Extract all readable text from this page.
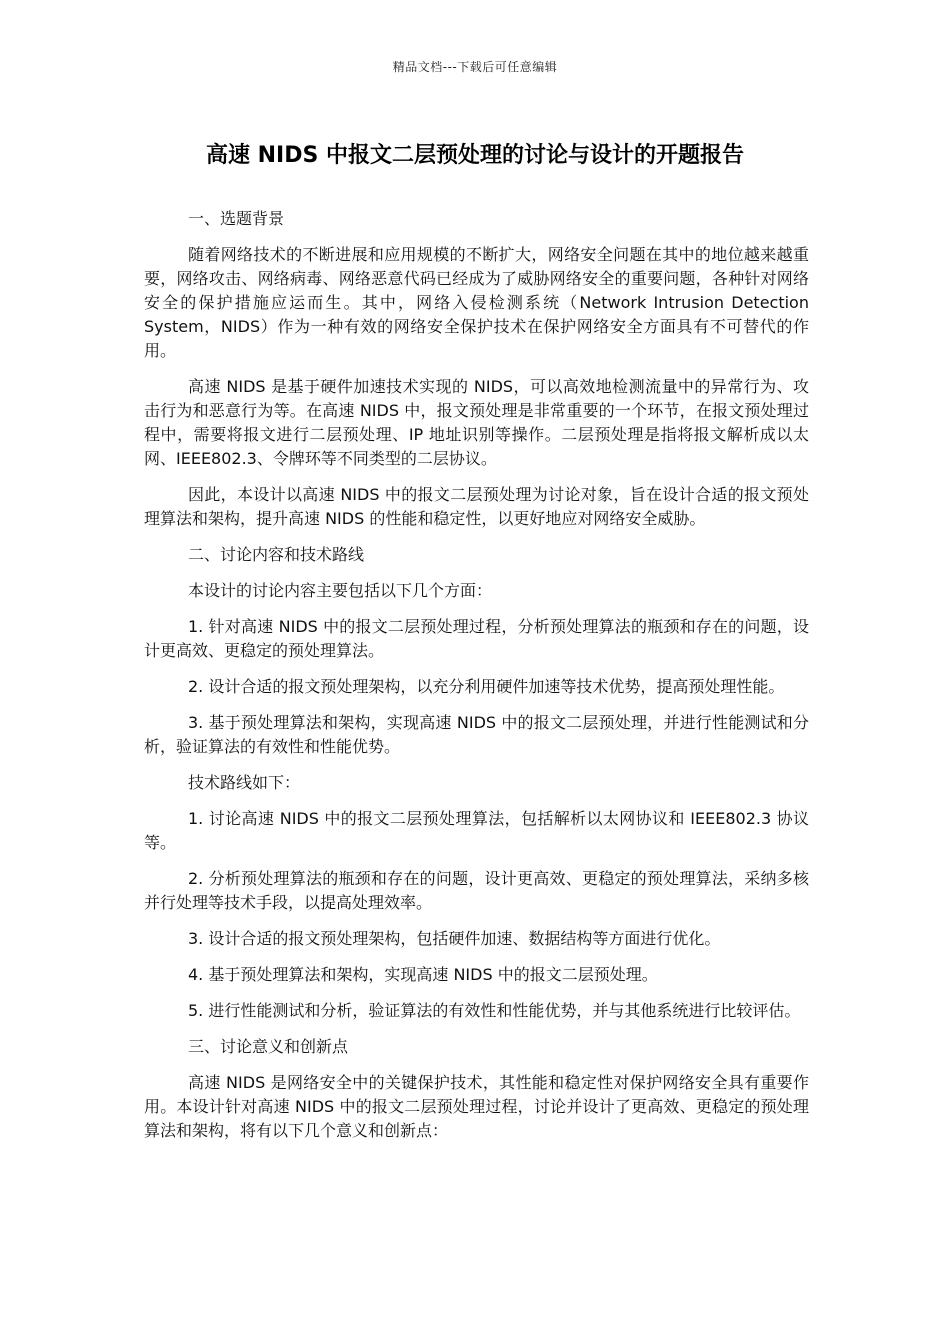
精品文档---下载后可任意编辑
高速 NIDS 中报文二层预处理的讨论与设计的开题报告

一、选题背景

随着网络技术的不断进展和应用规模的不断扩大，网络安全问题在其中的地位越来越重要，网络攻击、网络病毒、网络恶意代码已经成为了威胁网络安全的重要问题，各种针对网络安全的保护措施应运而生。其中，网络入侵检测系统（Network Intrusion Detection System，NIDS）作为一种有效的网络安全保护技术在保护网络安全方面具有不可替代的作用。

高速 NIDS 是基于硬件加速技术实现的 NIDS，可以高效地检测流量中的异常行为、攻击行为和恶意行为等。在高速 NIDS 中，报文预处理是非常重要的一个环节，在报文预处理过程中，需要将报文进行二层预处理、IP 地址识别等操作。二层预处理是指将报文解析成以太网、IEEE802.3、令牌环等不同类型的二层协议。

因此，本设计以高速 NIDS 中的报文二层预处理为讨论对象，旨在设计合适的报文预处理算法和架构，提升高速 NIDS 的性能和稳定性，以更好地应对网络安全威胁。

二、讨论内容和技术路线

本设计的讨论内容主要包括以下几个方面：

1. 针对高速 NIDS 中的报文二层预处理过程，分析预处理算法的瓶颈和存在的问题，设计更高效、更稳定的预处理算法。

2. 设计合适的报文预处理架构，以充分利用硬件加速等技术优势，提高预处理性能。

3. 基于预处理算法和架构，实现高速 NIDS 中的报文二层预处理，并进行性能测试和分析，验证算法的有效性和性能优势。

技术路线如下：

1. 讨论高速 NIDS 中的报文二层预处理算法，包括解析以太网协议和 IEEE802.3 协议等。

2. 分析预处理算法的瓶颈和存在的问题，设计更高效、更稳定的预处理算法，采纳多核并行处理等技术手段，以提高处理效率。

3. 设计合适的报文预处理架构，包括硬件加速、数据结构等方面进行优化。

4. 基于预处理算法和架构，实现高速 NIDS 中的报文二层预处理。

5. 进行性能测试和分析，验证算法的有效性和性能优势，并与其他系统进行比较评估。

三、讨论意义和创新点

高速 NIDS 是网络安全中的关键保护技术，其性能和稳定性对保护网络安全具有重要作用。本设计针对高速 NIDS 中的报文二层预处理过程，讨论并设计了更高效、更稳定的预处理算法和架构，将有以下几个意义和创新点：
